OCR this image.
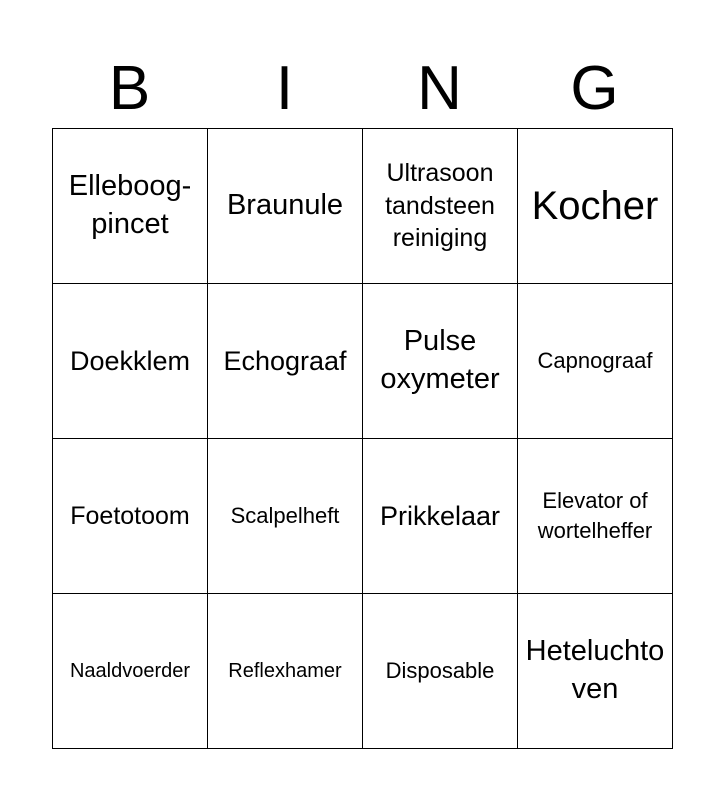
B	I	N	G
Elleboog-pincet	Braunule	Ultrasoon tandsteen reiniging	Kocher

Doekklem	Echograaf	Pulse oxymeter	Capnograaf

Foetotoom	Scalpelheft	Prikkelaar	Elevator of wortelheffer

Naaldvoerder	Reflexhamer	Disposable	Heteluchtoven
